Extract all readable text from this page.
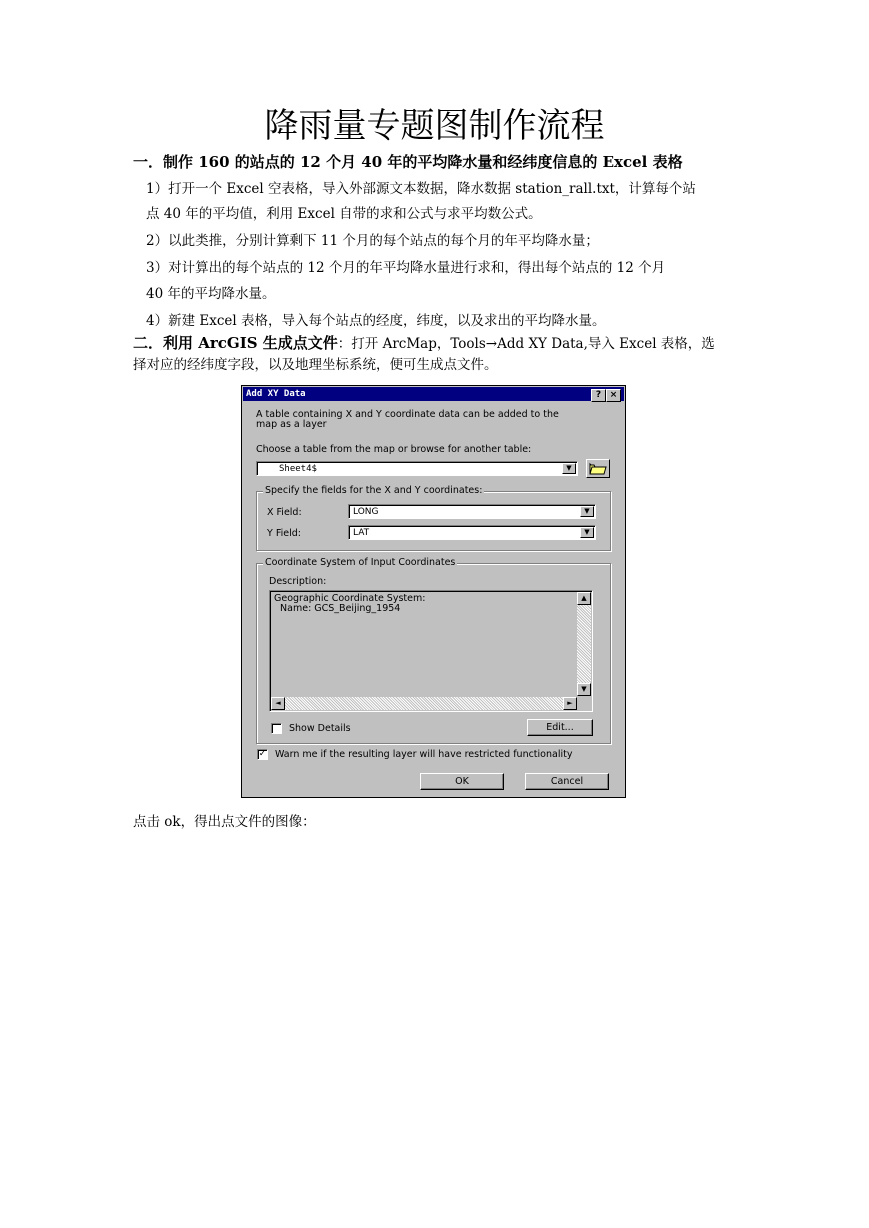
降雨量专题图制作流程
一．制作 160 的站点的 12 个月 40 年的平均降水量和经纬度信息的 Excel 表格
1）打开一个 Excel 空表格，导入外部源文本数据，降水数据 station_rall.txt，计算每个站
点 40 年的平均值，利用 Excel 自带的求和公式与求平均数公式。
2）以此类推，分别计算剩下 11 个月的每个站点的每个月的年平均降水量；
3）对计算出的每个站点的 12 个月的年平均降水量进行求和，得出每个站点的 12 个月
40 年的平均降水量。
4）新建 Excel 表格，导入每个站点的经度，纬度，以及求出的平均降水量。
二．利用 ArcGIS 生成点文件：打开 ArcMap，Tools→Add XY Data,导入 Excel 表格，选
择对应的经纬度字段，以及地理坐标系统，便可生成点文件。
Add XY Data	? ×
A table containing X and Y coordinate data can be added to the
map as a layer
Choose a table from the map or browse for another table:
Sheet4$	▼
Specify the fields for the X and Y coordinates:
X Field:	LONG	▼
Y Field:	LAT	▼
Coordinate System of Input Coordinates
Description:
Geographic Coordinate System:
Name: GCS_Beijing_1954
▲
▼
◄	►
Show Details	Edit...
✓ Warn me if the resulting layer will have restricted functionality
OK	Cancel
点击 ok，得出点文件的图像：
